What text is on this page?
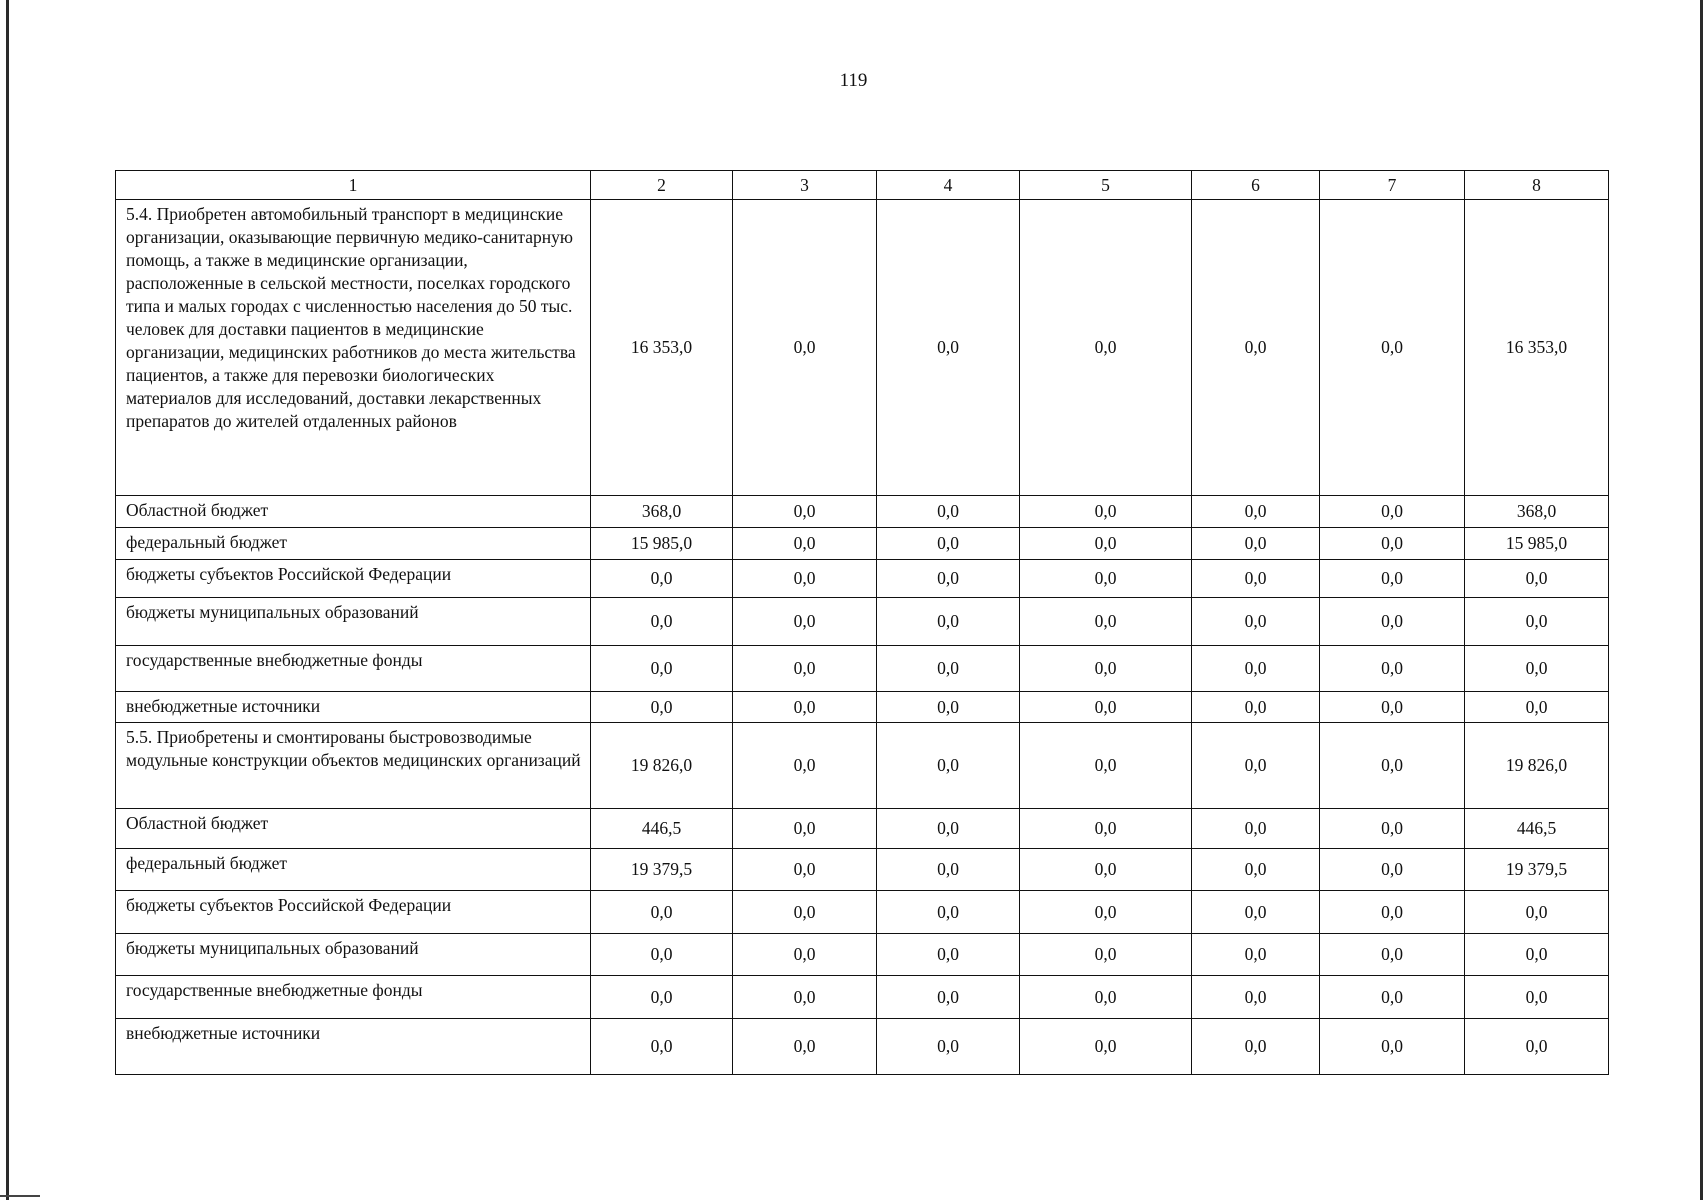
119
1	2	3	4	5	6	7	8
5.4. Приобретен автомобильный транспорт в медицинские организации, оказывающие первичную медико-санитарную помощь, а также в медицинские организации, расположенные в сельской местности, поселках городского типа и малых городах с численностью населения до 50 тыс. человек для доставки пациентов в медицинские организации, медицинских работников до места жительства пациентов, а также для перевозки биологических материалов для исследований, доставки лекарственных препаратов до жителей отдаленных районов	16 353,0	0,0	0,0	0,0	0,0	0,0	16 353,0
Областной бюджет	368,0	0,0	0,0	0,0	0,0	0,0	368,0
федеральный бюджет	15 985,0	0,0	0,0	0,0	0,0	0,0	15 985,0
бюджеты субъектов Российской Федерации	0,0	0,0	0,0	0,0	0,0	0,0	0,0
бюджеты муниципальных образований	0,0	0,0	0,0	0,0	0,0	0,0	0,0
государственные внебюджетные фонды	0,0	0,0	0,0	0,0	0,0	0,0	0,0
внебюджетные источники	0,0	0,0	0,0	0,0	0,0	0,0	0,0
5.5. Приобретены и смонтированы быстровозводимые модульные конструкции объектов медицинских организаций	19 826,0	0,0	0,0	0,0	0,0	0,0	19 826,0
Областной бюджет	446,5	0,0	0,0	0,0	0,0	0,0	446,5
федеральный бюджет	19 379,5	0,0	0,0	0,0	0,0	0,0	19 379,5
бюджеты субъектов Российской Федерации	0,0	0,0	0,0	0,0	0,0	0,0	0,0
бюджеты муниципальных образований	0,0	0,0	0,0	0,0	0,0	0,0	0,0
государственные внебюджетные фонды	0,0	0,0	0,0	0,0	0,0	0,0	0,0
внебюджетные источники	0,0	0,0	0,0	0,0	0,0	0,0	0,0
